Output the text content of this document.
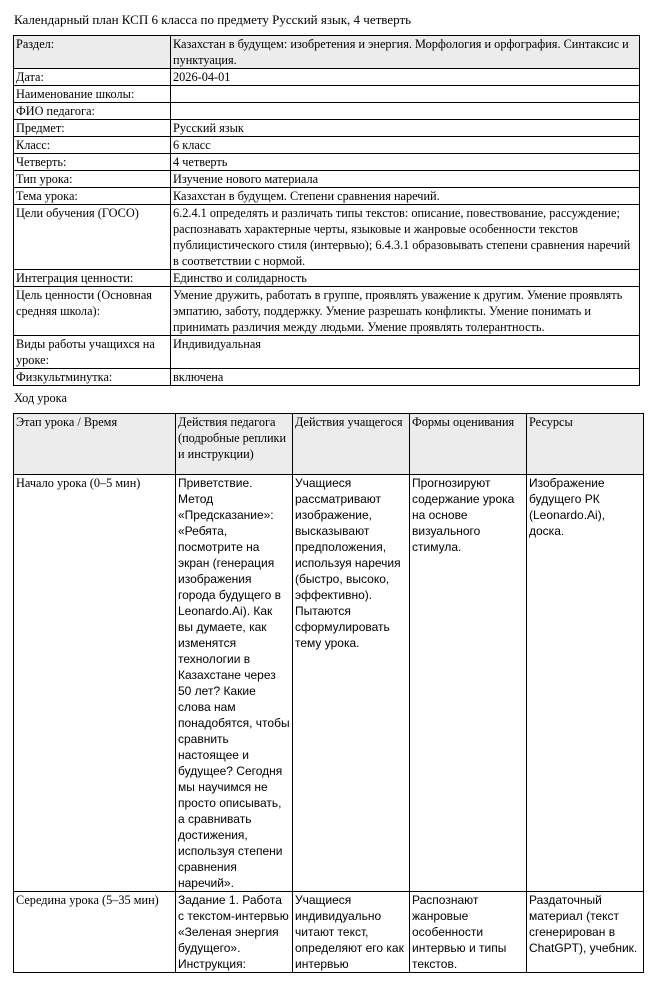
Календарный план КСП 6 класса по предмету Русский язык, 4 четверть
Раздел:	Казахстан в будущем: изобретения и энергия. Морфология и орфография. Синтаксис и пунктуация.
Дата:	2026-04-01
Наименование школы:	
ФИО педагога:	
Предмет:	Русский язык
Класс:	6 класс
Четверть:	4 четверть
Тип урока:	Изучение нового материала
Тема урока:	Казахстан в будущем. Степени сравнения наречий.
Цели обучения (ГОСО)	6.2.4.1 определять и различать типы текстов: описание, повествование, рассуждение; распознавать характерные черты, языковые и жанровые особенности текстов публицистического стиля (интервью); 6.4.3.1 образовывать степени сравнения наречий в соответствии с нормой.
Интеграция ценности:	Единство и солидарность
Цель ценности (Основная средняя школа):	Умение дружить, работать в группе, проявлять уважение к другим. Умение проявлять эмпатию, заботу, поддержку. Умение разрешать конфликты. Умение понимать и принимать различия между людьми. Умение проявлять толерантность.
Виды работы учащихся на уроке:	Индивидуальная
Физкультминутка:	включена
Ход урока
Этап урока / Время	Действия педагога (подробные реплики и инструкции)	Действия учащегося	Формы оценивания	Ресурсы
Начало урока (0–5 мин)	Приветствие. Метод «Предсказание»: «Ребята, посмотрите на экран (генерация изображения города будущего в Leonardo.Ai). Как вы думаете, как изменятся технологии в Казахстане через 50 лет? Какие слова нам понадобятся, чтобы сравнить настоящее и будущее? Сегодня мы научимся не просто описывать, а сравнивать достижения, используя степени сравнения наречий».	Учащиеся рассматривают изображение, высказывают предположения, используя наречия (быстро, высоко, эффективно). Пытаются сформулировать тему урока.	Прогнозируют содержание урока на основе визуального стимула.	Изображение будущего РК (Leonardo.Ai), доска.
Середина урока (5–35 мин)	Задание 1. Работа с текстом-интервью «Зеленая энергия будущего». Инструкция:	Учащиеся индивидуально читают текст, определяют его как интервью	Распознают жанровые особенности интервью и типы текстов.	Раздаточный материал (текст сгенерирован в ChatGPT), учебник.
